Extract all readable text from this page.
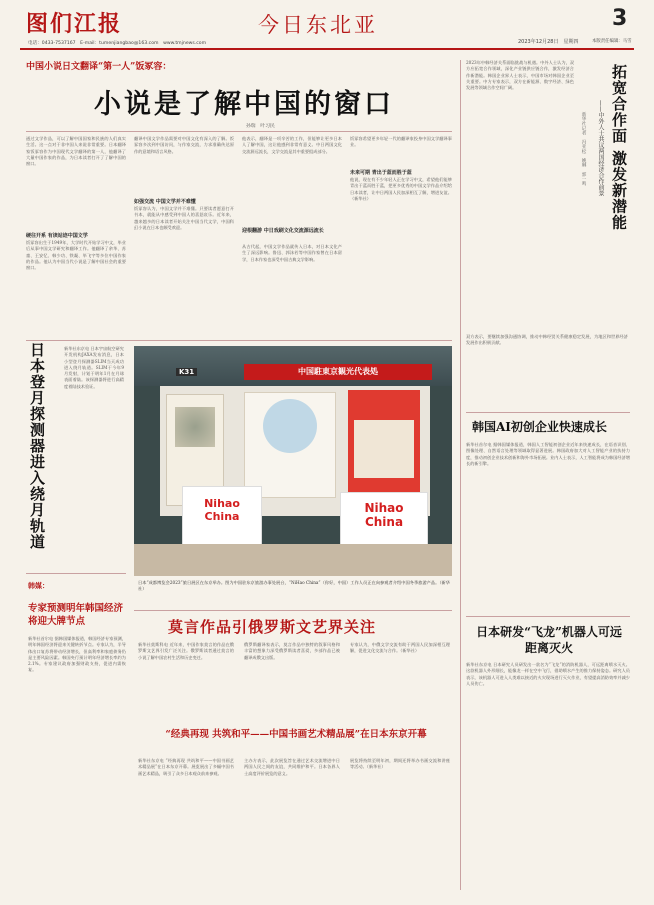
图们江报
电话：0433-7537167　E-mail：tumenjiangbao@163.com　www.tmjnews.com
今日东北亚	3
2023年12月28日　星期四	本版责任编辑：马雪
中国小说日文翻译“第一人”饭冢容：
小说是了解中国的窗口
孙瑞　叶习民
通过文学作品，可以了解中国国家和民族的人们真实生活。这一点对于非中国人来说非常重要。日本翻译家饭冢容作为中国现代文学翻译的第一人，他翻译了大量中国作家的作品，为日本读者打开了了解中国的窗口。
硬往开系 有读站迹中国文学
饭冢容出生于1949年，大学时代开始学习中文，毕业后从事中国文学研究和翻译工作。他翻译了余华、苏童、王安忆、韩少功、铁凝、毕飞宇等多位中国作家的作品。他认为中国当代小说是了解中国社会的重要窗口。
翻译中国文学作品需要对中国文化有深入的了解。饭冢容多次到中国访问，与作家交流，力求准确传达原作的意境和语言风格。
如强交流 中国文学并不难懂
饭冢容认为，中国文学并不难懂。只要读者愿意打开书本，就能从中感受到中国人的喜怒哀乐。近年来，越来越多的日本读者开始关注中国当代文学，中国科幻小说在日本也颇受欢迎。
他表示，翻译是一项辛苦的工作，但能够让更多日本人了解中国，这让他感到非常有意义。中日两国文化交流源远流长，文学交流是其中重要组成部分。
迎根翻游 中日戏刷文化交流源远流长
从古代起，中国文学作品就传入日本，对日本文化产生了深远影响。鲁迅、郭沫若等中国作家曾在日本留学，日本作家也深受中国古典文学影响。
饭冢容希望更多年轻一代的翻译家投身中国文学翻译事业。
未来可期 青出于蓝而胜于蓝
他说，现在有不少年轻人正在学习中文，希望他们能够青出于蓝而胜于蓝，把更多优秀的中国文学作品介绍给日本读者，让中日两国人民加深相互了解，增进友谊。（新华社）
日本登月探测器进入绕月轨道	新华社东京电 日本宇宙航空研究开发机构JAXA发布消息，日本小型登月探测器SLIM当天成功进入绕月轨道。SLIM于今年9月发射，计划于明年1月在月球表面着陆。该探测器将进行高精度着陆技术验证。
韩媒：
专家预测明年韩国经济将迎大牌节点
新华社首尔电 据韩国媒体报道，韩国经济专家预测，明年韩国经济将迎来关键转折节点。专家认为，半导体出口复苏将带动经济增长，但高利率和家庭债务仍是主要风险因素。韩国央行预计明年经济增长率约为2.1%。专家建议政府加强财政支持，促进内需恢复。
K31	中国駐東京観光代表処
Nihao China
Nihao China
日本“成都博览会2023”旅日展区在东京举办。图为中国驻东京旅游办事处展台，“NiHao China”（你好，中国）工作人员正在向参观者介绍中国冬季旅游产品。（新华社）
莫言作品引俄罗斯文艺界关注
新华社莫斯科电 近年来，中国作家莫言的作品在俄罗斯文艺界引发广泛关注。俄罗斯读者通过莫言的小说了解中国农村生活和历史变迁。
俄罗斯翻译家表示，莫言作品中独特的叙事风格和丰富的想象力深受俄罗斯读者喜爱，多部作品已被翻译成俄文出版。
专家认为，中俄文学交流有助于两国人民加深相互理解，促进文化交流与合作。（新华社）
“经典再现 共筑和平——中国书画艺术精品展”在日本东京开幕
新华社东京电 “经典再现 共筑和平——中国书画艺术精品展”在日本东京开幕。展览展出了多幅中国书画艺术精品，吸引了众多日本观众前来参观。
主办方表示，此次展览旨在通过艺术交流增进中日两国人民之间的友谊，共同维护和平。日本各界人士高度评价展览的意义。
展览将持续至明年初，期间还将举办书画交流和讲座等活动。（新华社）
2023年中韩经济关系面临挑战与机遇。中外人士认为，双方应拓宽合作领域，深化产业链供应链合作，激发经济合作新潜能。韩国企业界人士表示，中国市场对韩国企业至关重要。中方专家表示，双方在新能源、数字经济、绿色发展等领域合作空间广阔。	拓宽合作面 激发新潜能
——中外人士共议两国经济合作前景
新华社记者　冯亚松　姚琳　郭一鸣
双方表示，要继续加强沟通协调，推动中韩经贸关系健康稳定发展，为地区和世界经济发展作出积极贡献。
韩国AI初创企业快速成长
新华社首尔电 据韩国媒体报道，韩国人工智能初创企业近年来快速成长，在语音识别、图像处理、自然语言处理等领域取得显著进展。韩国政府加大对人工智能产业的扶持力度，推动初创企业技术创新和海外市场拓展。业内人士表示，人工智能将成为韩国经济增长的新引擎。
日本研发“飞龙”机器人可远距离灭火
新华社东京电 日本研究人员研发出一款名为“飞龙”的消防机器人，可远距离喷水灭火。这款机器人外形细长，能像龙一样在空中飞行，借助喷水产生的推力保持姿态。研究人员表示，该机器人可进入人类难以接近的火灾现场进行灭火作业，有望提高消防效率并减少人员伤亡。
